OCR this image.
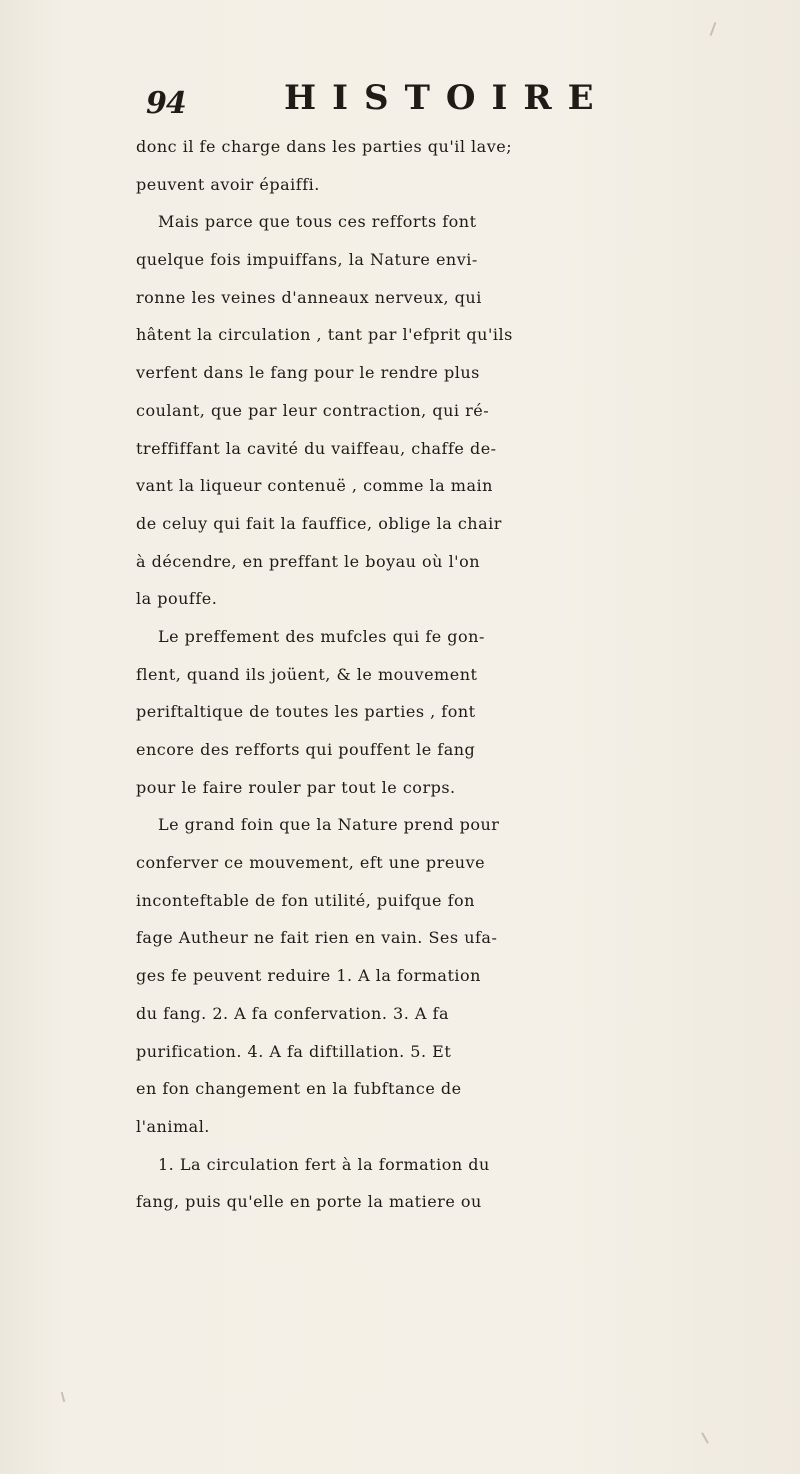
94	HISTOIRE
donc il fe charge dans les parties qu'il lave;
peuvent avoir épaiffi.
Mais parce que tous ces refforts font
quelque fois impuiffans, la Nature envi-
ronne les veines d'anneaux nerveux, qui
hâtent la circulation , tant par l'efprit qu'ils
verfent dans le fang pour le rendre plus
coulant, que par leur contraction, qui ré-
treffiffant la cavité du vaiffeau, chaffe de-
vant la liqueur contenuë , comme la main
de celuy qui fait la fauffice, oblige la chair
à décendre, en preffant le boyau où l'on
la pouffe.
Le preffement des mufcles qui fe gon-
flent, quand ils joüent, & le mouvement
periftaltique de toutes les parties , font
encore des refforts qui pouffent le fang
pour le faire rouler par tout le corps.
Le grand foin que la Nature prend pour
conferver ce mouvement, eft une preuve
inconteftable de fon utilité, puifque fon
fage Autheur ne fait rien en vain. Ses ufa-
ges fe peuvent reduire 1. A la formation
du fang. 2. A fa confervation. 3. A fa
purification. 4. A fa diftillation. 5. Et
en fon changement en la fubftance de
l'animal.
1. La circulation fert à la formation du
fang, puis qu'elle en porte la matiere ou
